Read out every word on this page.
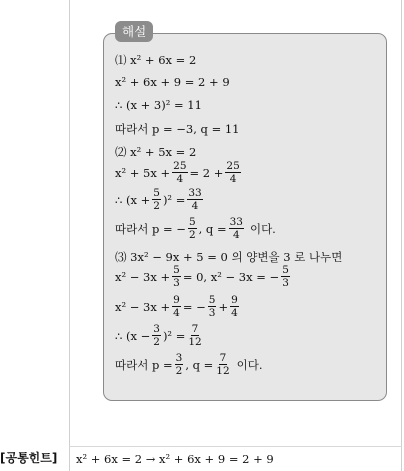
해설
⑴ x² + 6x = 2
x² + 6x + 9 = 2 + 9
∴ (x + 3)² = 11
따라서 p = −3, q = 11
⑵ x² + 5x = 2
$x^2 + 5x + \frac{25}{4} = 2 + \frac{25}{4}$
∴ $(x + \frac{5}{2} )^2 = \frac{33}{4}$
따라서 p = − $\frac{5}{2}$ , $q = \frac{33}{4}$ 이다.
⑶ 3x² − 9x + 5 = 0 의 양변을 3 로 나누면
$x^2 - 3x + \frac{5}{3} = 0$, x² − 3x = − $\frac{5}{3}$
$x^2 - 3x + \frac{9}{4}$ = − $\frac{5}{3} + \frac{9}{4}$
∴ $(x - \frac{3}{2} )^2 = \frac{7}{12}$
따라서 $p = \frac{3}{2}$ , $q = \frac{7}{12}$ 이다.
[공통힌트] x² + 6x = 2 → x² + 6x + 9 = 2 + 9
